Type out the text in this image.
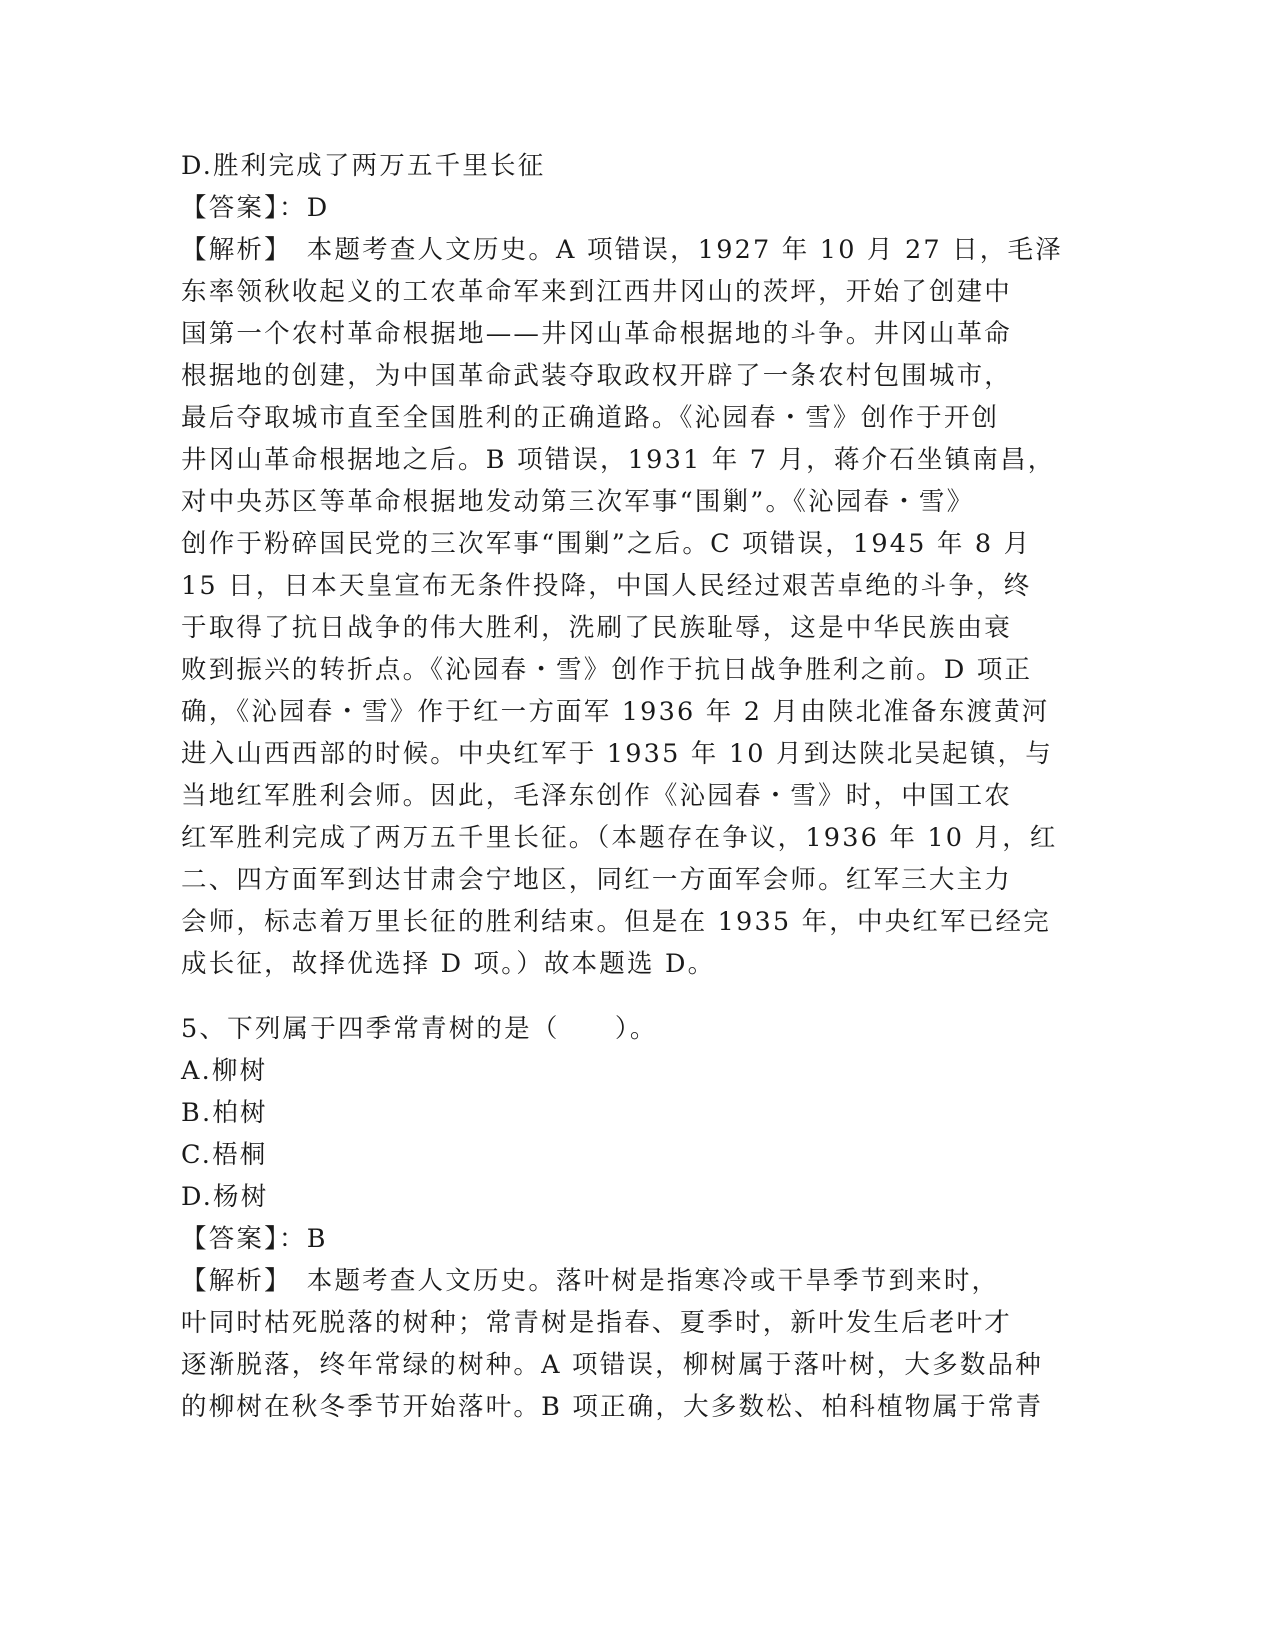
D.胜利完成了两万五千里长征
【答案】：D
【解析】　本题考查人文历史。A 项错误，1927 年 10 月 27 日，毛泽
东率领秋收起义的工农革命军来到江西井冈山的茨坪，开始了创建中
国第一个农村革命根据地——井冈山革命根据地的斗争。井冈山革命
根据地的创建，为中国革命武装夺取政权开辟了一条农村包围城市，
最后夺取城市直至全国胜利的正确道路。《沁园春・雪》创作于开创
井冈山革命根据地之后。B 项错误，1931 年 7 月，蒋介石坐镇南昌，
对中央苏区等革命根据地发动第三次军事“围剿”。《沁园春・雪》
创作于粉碎国民党的三次军事“围剿”之后。C 项错误，1945 年 8 月
15 日，日本天皇宣布无条件投降，中国人民经过艰苦卓绝的斗争，终
于取得了抗日战争的伟大胜利，洗刷了民族耻辱，这是中华民族由衰
败到振兴的转折点。《沁园春・雪》创作于抗日战争胜利之前。D 项正
确，《沁园春・雪》作于红一方面军 1936 年 2 月由陕北准备东渡黄河
进入山西西部的时候。中央红军于 1935 年 10 月到达陕北吴起镇，与
当地红军胜利会师。因此，毛泽东创作《沁园春・雪》时，中国工农
红军胜利完成了两万五千里长征。（本题存在争议，1936 年 10 月，红
二、四方面军到达甘肃会宁地区，同红一方面军会师。红军三大主力
会师，标志着万里长征的胜利结束。但是在 1935 年，中央红军已经完
成长征，故择优选择 D 项。）故本题选 D。
5、下列属于四季常青树的是（　　）。
A.柳树
B.柏树
C.梧桐
D.杨树
【答案】：B
【解析】　本题考查人文历史。落叶树是指寒冷或干旱季节到来时，
叶同时枯死脱落的树种；常青树是指春、夏季时，新叶发生后老叶才
逐渐脱落，终年常绿的树种。A 项错误，柳树属于落叶树，大多数品种
的柳树在秋冬季节开始落叶。B 项正确，大多数松、柏科植物属于常青
